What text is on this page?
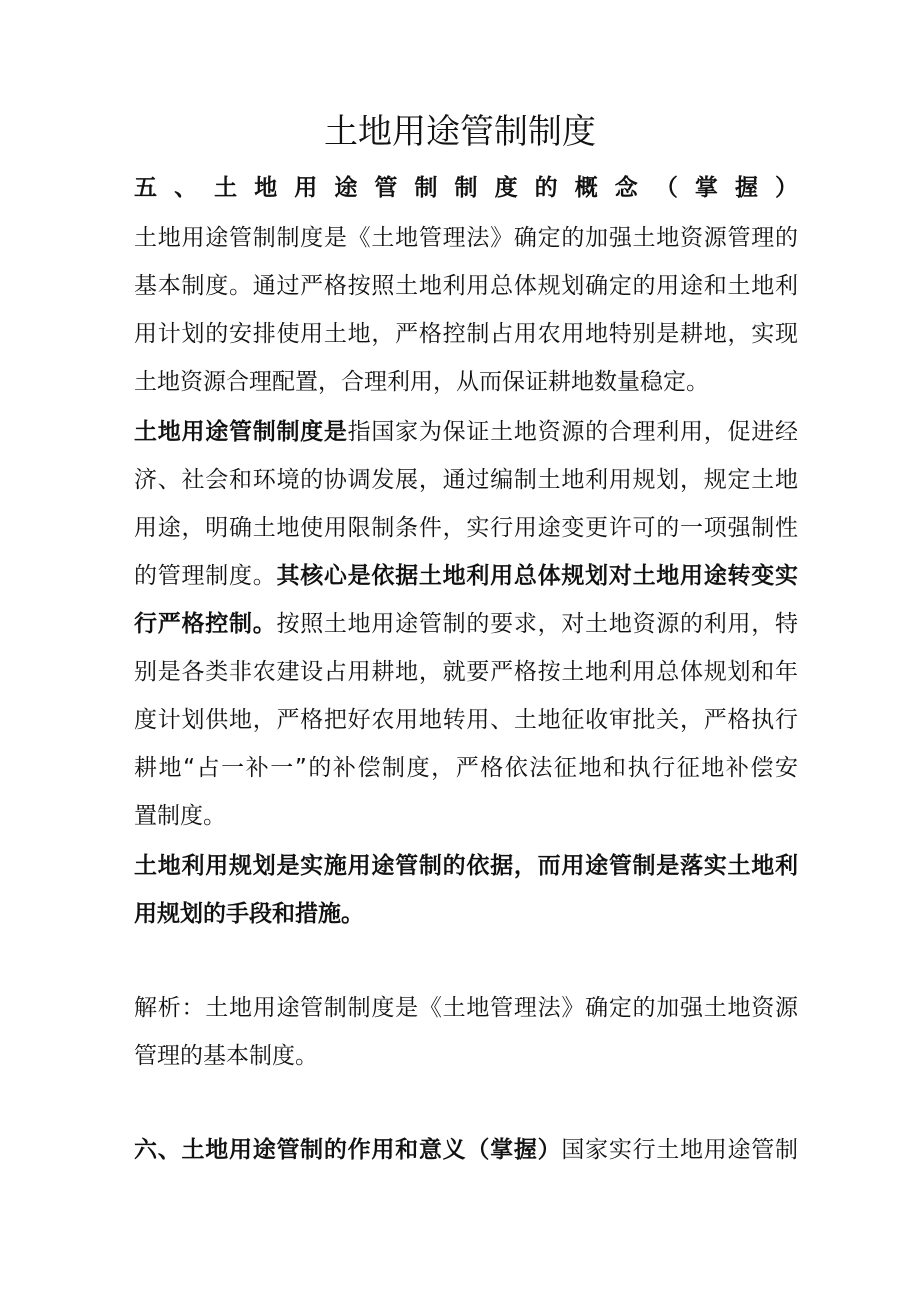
土地用途管制制度
五、土地用途管制制度的概念（掌握）
土地用途管制制度是《土地管理法》确定的加强土地资源管理的
基本制度。通过严格按照土地利用总体规划确定的用途和土地利
用计划的安排使用土地，严格控制占用农用地特别是耕地，实现
土地资源合理配置，合理利用，从而保证耕地数量稳定。
土地用途管制制度是指国家为保证土地资源的合理利用，促进经
济、社会和环境的协调发展，通过编制土地利用规划，规定土地
用途，明确土地使用限制条件，实行用途变更许可的一项强制性
的管理制度。其核心是依据土地利用总体规划对土地用途转变实
行严格控制。按照土地用途管制的要求，对土地资源的利用，特
别是各类非农建设占用耕地，就要严格按土地利用总体规划和年
度计划供地，严格把好农用地转用、土地征收审批关，严格执行
耕地“占一补一”的补偿制度，严格依法征地和执行征地补偿安
置制度。
土地利用规划是实施用途管制的依据，而用途管制是落实土地利
用规划的手段和措施。
解析：土地用途管制制度是《土地管理法》确定的加强土地资源
管理的基本制度。
六、土地用途管制的作用和意义（掌握）国家实行土地用途管制
